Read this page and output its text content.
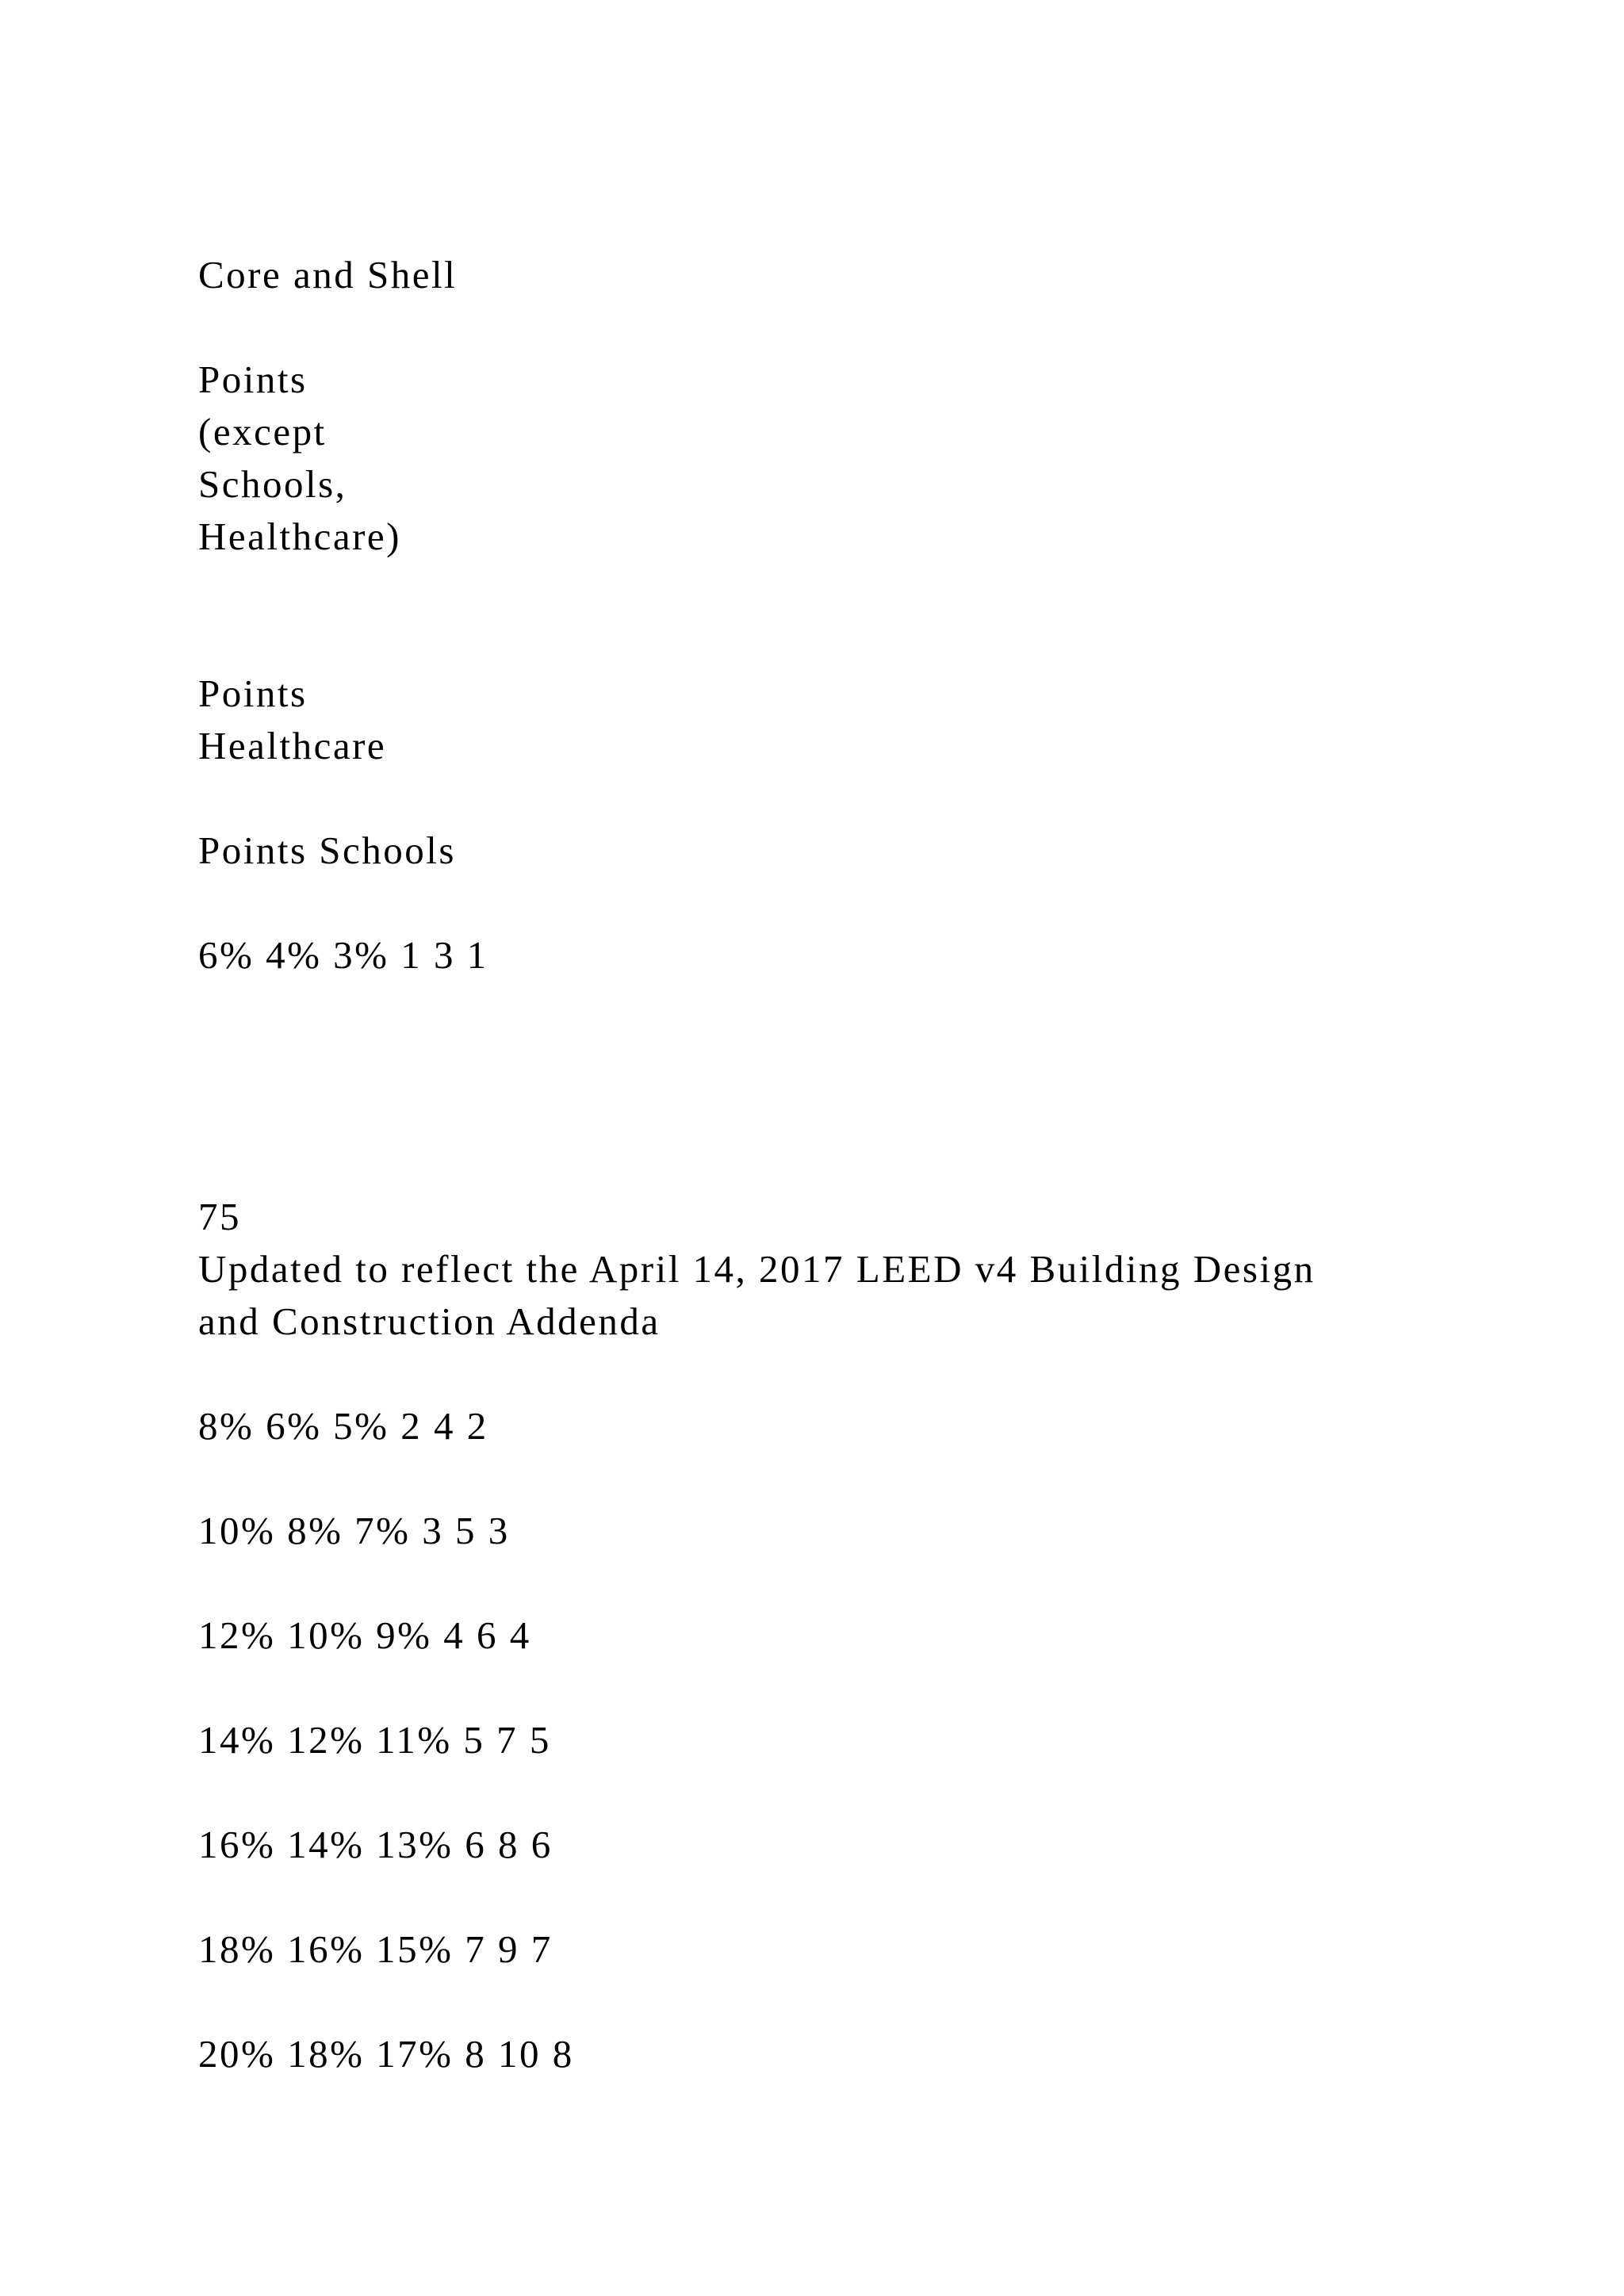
Core and Shell

Points

(except

Schools,

Healthcare)

Points

Healthcare

Points Schools

6% 4% 3% 1 3 1

75

Updated to reflect the April 14, 2017 LEED v4 Building Design

and Construction Addenda

8% 6% 5% 2 4 2

10% 8% 7% 3 5 3

12% 10% 9% 4 6 4

14% 12% 11% 5 7 5

16% 14% 13% 6 8 6

18% 16% 15% 7 9 7

20% 18% 17% 8 10 8
